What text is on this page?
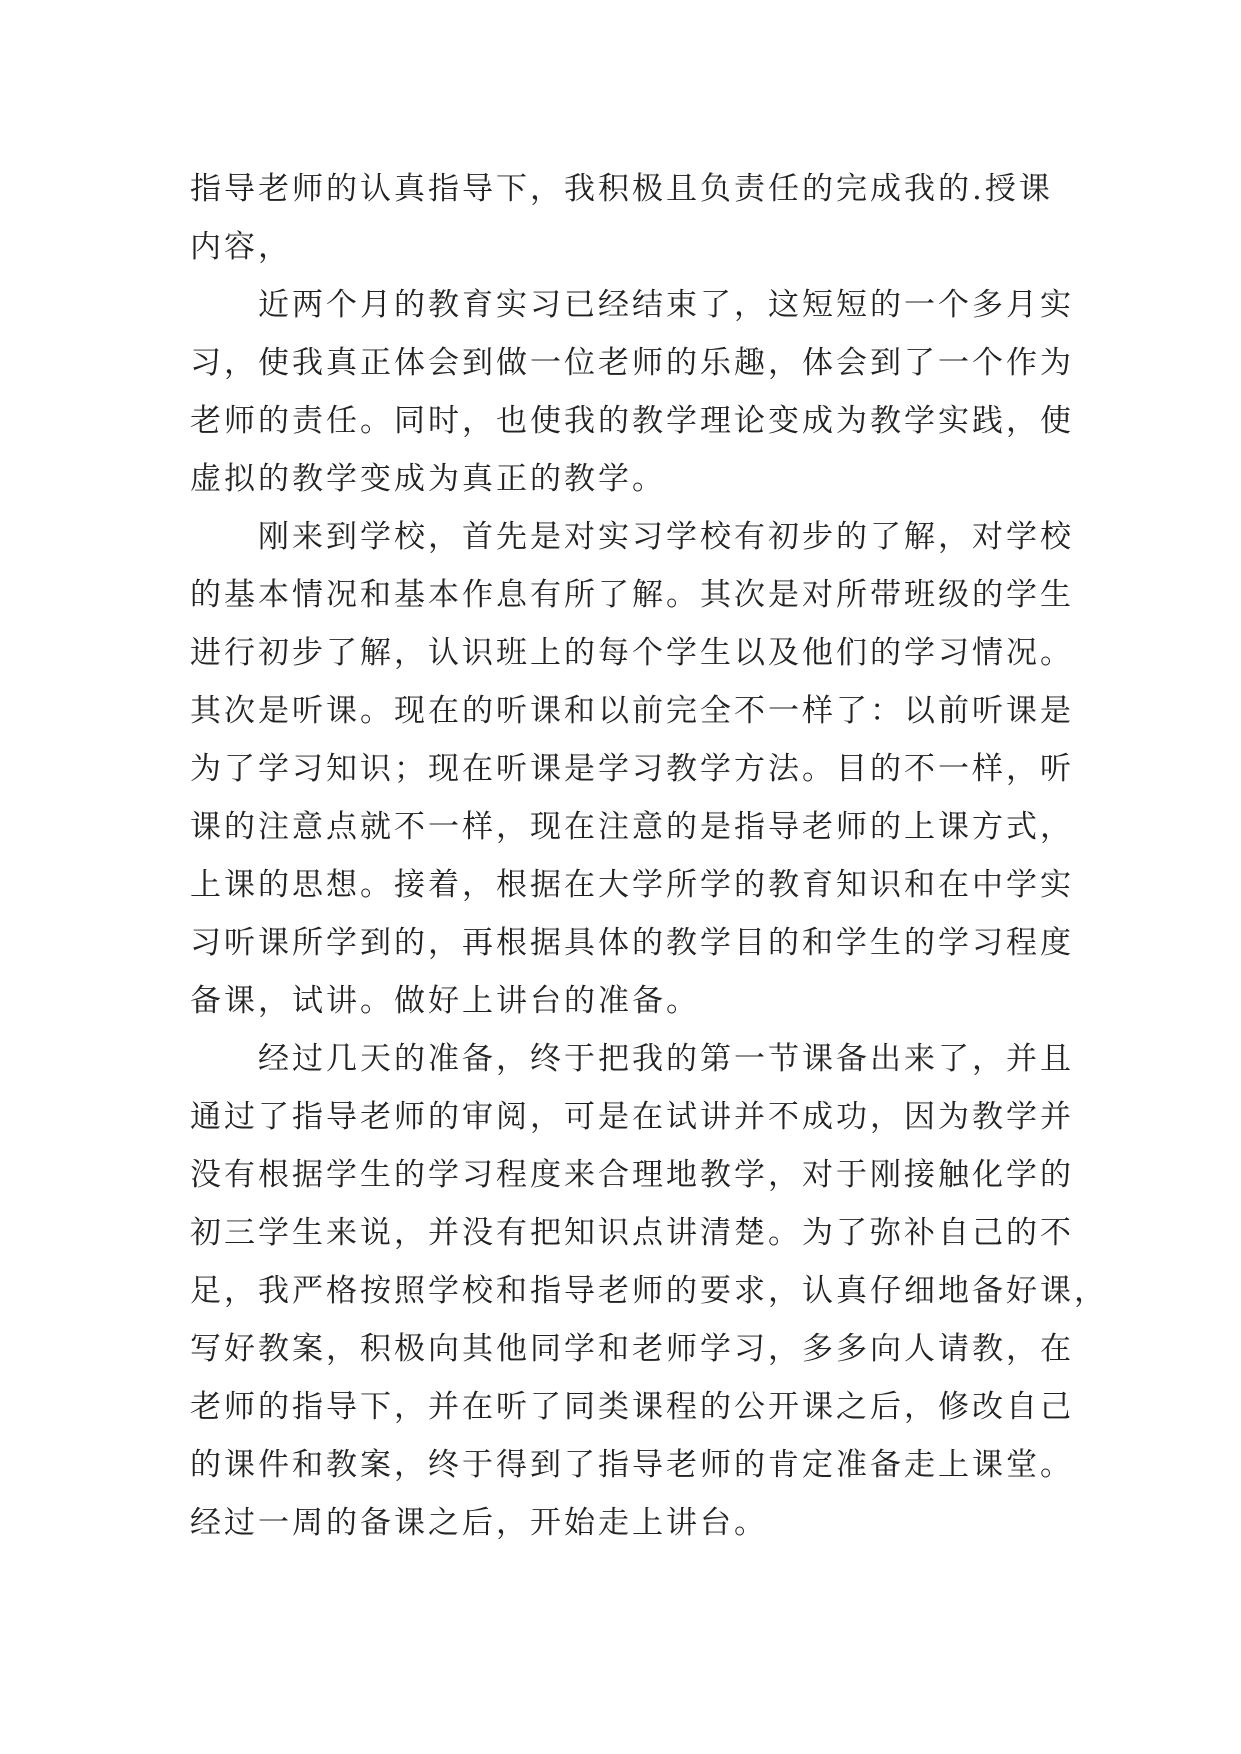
指导老师的认真指导下，我积极且负责任的完成我的.授课
内容，
　　近两个月的教育实习已经结束了，这短短的一个多月实
习，使我真正体会到做一位老师的乐趣，体会到了一个作为
老师的责任。同时，也使我的教学理论变成为教学实践，使
虚拟的教学变成为真正的教学。
　　刚来到学校，首先是对实习学校有初步的了解，对学校
的基本情况和基本作息有所了解。其次是对所带班级的学生
进行初步了解，认识班上的每个学生以及他们的学习情况。
其次是听课。现在的听课和以前完全不一样了：以前听课是
为了学习知识；现在听课是学习教学方法。目的不一样，听
课的注意点就不一样，现在注意的是指导老师的上课方式，
上课的思想。接着，根据在大学所学的教育知识和在中学实
习听课所学到的，再根据具体的教学目的和学生的学习程度
备课，试讲。做好上讲台的准备。
　　经过几天的准备，终于把我的第一节课备出来了，并且
通过了指导老师的审阅，可是在试讲并不成功，因为教学并
没有根据学生的学习程度来合理地教学，对于刚接触化学的
初三学生来说，并没有把知识点讲清楚。为了弥补自己的不
足，我严格按照学校和指导老师的要求，认真仔细地备好课，
写好教案，积极向其他同学和老师学习，多多向人请教，在
老师的指导下，并在听了同类课程的公开课之后，修改自己
的课件和教案，终于得到了指导老师的肯定准备走上课堂。
经过一周的备课之后，开始走上讲台。
